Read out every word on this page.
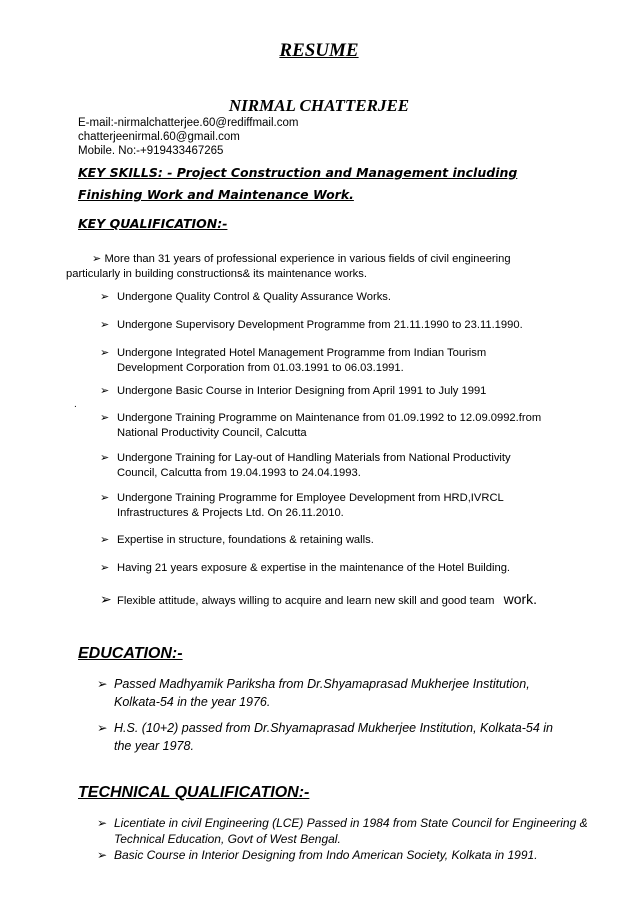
RESUME
NIRMAL CHATTERJEE
E-mail:-nirmalchatterjee.60@rediffmail.com
chatterjeenirmal.60@gmail.com
Mobile. No:-+919433467265
KEY SKILLS: - Project Construction and Management including
Finishing Work and Maintenance Work.
KEY QUALIFICATION:-
➢ More than 31 years of professional experience in various fields of civil engineering
particularly in building constructions& its maintenance works.
➢ Undergone Quality Control & Quality Assurance Works.
➢ Undergone Supervisory Development Programme from 21.11.1990 to 23.11.1990.
➢ Undergone Integrated Hotel Management Programme from Indian Tourism
Development Corporation from 01.03.1991 to 06.03.1991.
➢ Undergone Basic Course in Interior Designing from April 1991 to July 1991
.
➢ Undergone Training Programme on Maintenance from 01.09.1992 to 12.09.0992.from
National Productivity Council, Calcutta
➢ Undergone Training for Lay-out of Handling Materials from National Productivity
Council, Calcutta from 19.04.1993 to 24.04.1993.
➢ Undergone Training Programme for Employee Development from HRD,IVRCL
Infrastructures & Projects Ltd. On 26.11.2010.
➢ Expertise in structure, foundations & retaining walls.
➢ Having 21 years exposure & expertise in the maintenance of the Hotel Building.
➢ Flexible attitude, always willing to acquire and learn new skill and good team work.
EDUCATION:-
➢ Passed Madhyamik Pariksha from Dr.Shyamaprasad Mukherjee Institution,
Kolkata-54 in the year 1976.
➢ H.S. (10+2) passed from Dr.Shyamaprasad Mukherjee Institution, Kolkata-54 in
the year 1978.
TECHNICAL QUALIFICATION:-
➢ Licentiate in civil Engineering (LCE) Passed in 1984 from State Council for Engineering &
Technical Education, Govt of West Bengal.
➢ Basic Course in Interior Designing from Indo American Society, Kolkata in 1991.
